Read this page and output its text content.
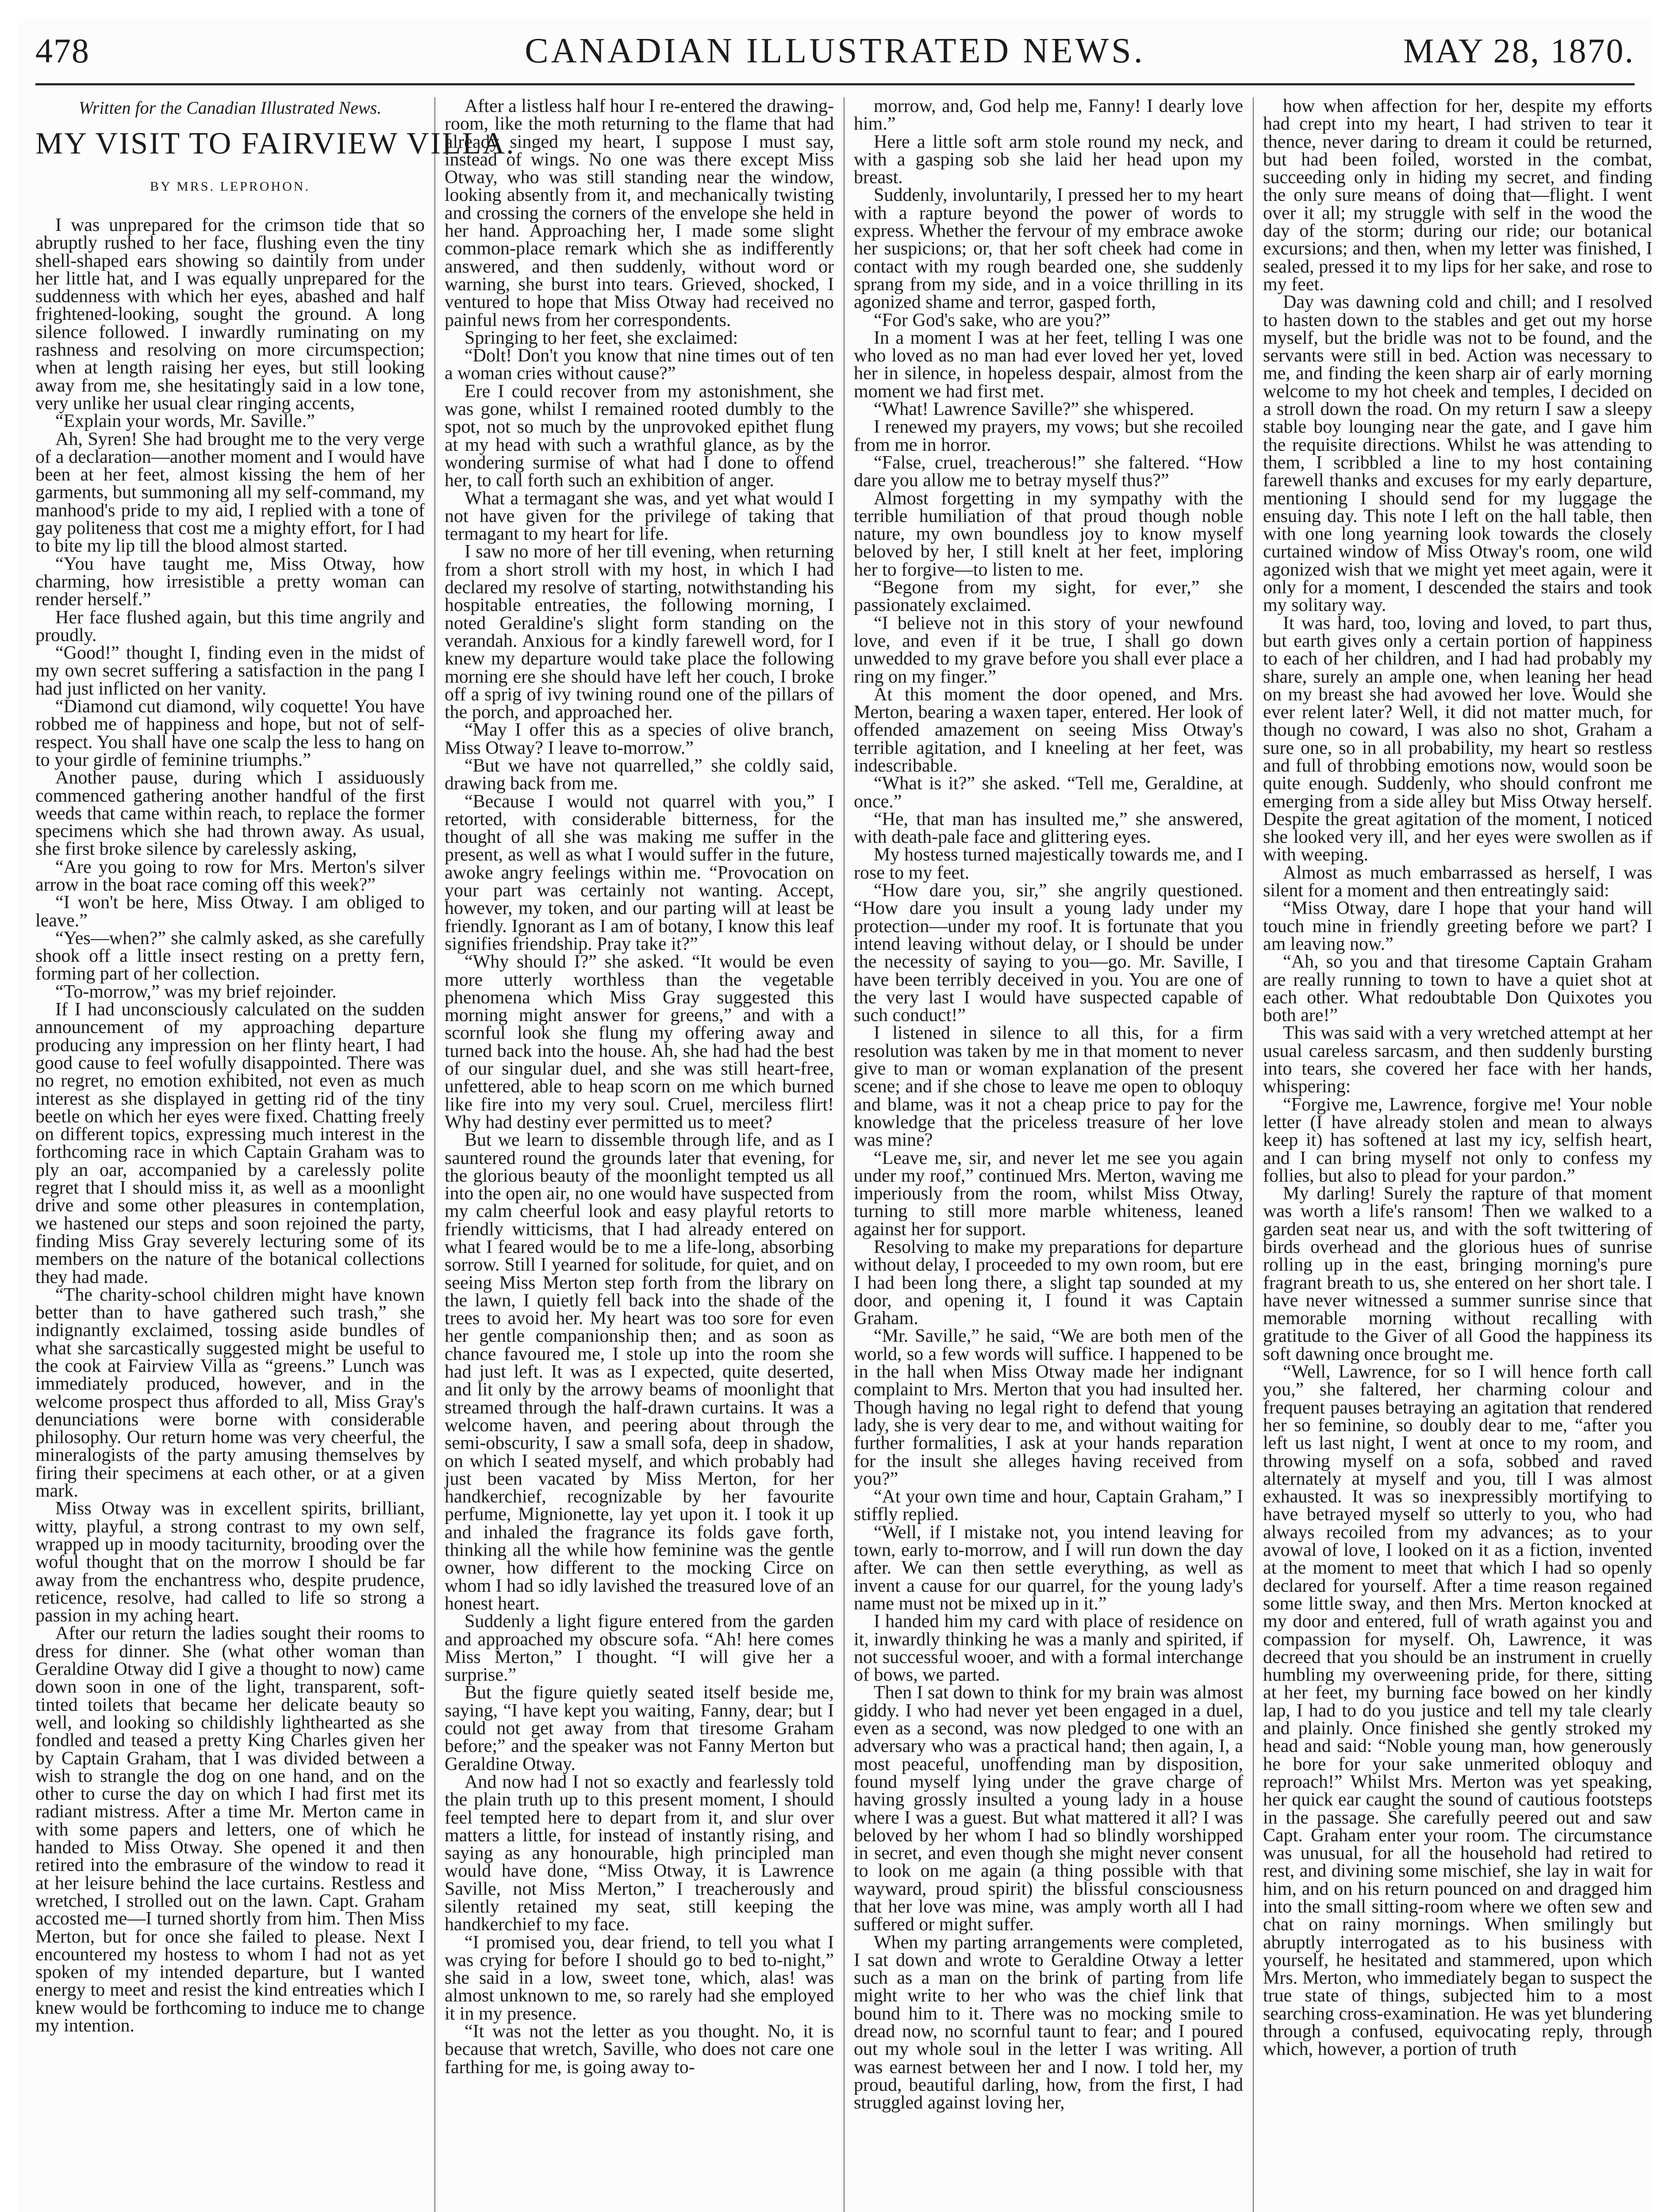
478	CANADIAN ILLUSTRATED NEWS.	MAY 28, 1870.
Written for the Canadian Illustrated News.
MY VISIT TO FAIRVIEW VILLA.
BY MRS. LEPROHON.

I was unprepared for the crimson tide that so abruptly rushed to her face, flushing even the tiny shell-shaped ears showing so daintily from under her little hat, and I was equally unprepared for the suddenness with which her eyes, abashed and half frightened-looking, sought the ground. A long silence followed. I inwardly ruminating on my rashness and resolving on more circumspection; when at length raising her eyes, but still looking away from me, she hesitatingly said in a low tone, very unlike her usual clear ringing accents,

“Explain your words, Mr. Saville.”

Ah, Syren! She had brought me to the very verge of a declaration—another moment and I would have been at her feet, almost kissing the hem of her garments, but summoning all my self-command, my manhood's pride to my aid, I replied with a tone of gay politeness that cost me a mighty effort, for I had to bite my lip till the blood almost started.

“You have taught me, Miss Otway, how charming, how irresistible a pretty woman can render herself.”

Her face flushed again, but this time angrily and proudly.

“Good!” thought I, finding even in the midst of my own secret suffering a satisfaction in the pang I had just inflicted on her vanity.

“Diamond cut diamond, wily coquette! You have robbed me of happiness and hope, but not of self-respect. You shall have one scalp the less to hang on to your girdle of feminine triumphs.”

Another pause, during which I assiduously commenced gathering another handful of the first weeds that came within reach, to replace the former specimens which she had thrown away. As usual, she first broke silence by carelessly asking,

“Are you going to row for Mrs. Merton's silver arrow in the boat race coming off this week?”

“I won't be here, Miss Otway. I am obliged to leave.”

“Yes—when?” she calmly asked, as she carefully shook off a little insect resting on a pretty fern, forming part of her collection.

“To-morrow,” was my brief rejoinder.

If I had unconsciously calculated on the sudden announcement of my approaching departure producing any impression on her flinty heart, I had good cause to feel wofully disappointed. There was no regret, no emotion exhibited, not even as much interest as she displayed in getting rid of the tiny beetle on which her eyes were fixed. Chatting freely on different topics, expressing much interest in the forthcoming race in which Captain Graham was to ply an oar, accompanied by a carelessly polite regret that I should miss it, as well as a moonlight drive and some other pleasures in contemplation, we hastened our steps and soon rejoined the party, finding Miss Gray severely lecturing some of its members on the nature of the botanical collections they had made.

“The charity-school children might have known better than to have gathered such trash,” she indignantly exclaimed, tossing aside bundles of what she sarcastically suggested might be useful to the cook at Fairview Villa as “greens.” Lunch was immediately produced, however, and in the welcome prospect thus afforded to all, Miss Gray's denunciations were borne with considerable philosophy. Our return home was very cheerful, the mineralogists of the party amusing themselves by firing their specimens at each other, or at a given mark.

Miss Otway was in excellent spirits, brilliant, witty, playful, a strong contrast to my own self, wrapped up in moody taciturnity, brooding over the woful thought that on the morrow I should be far away from the enchantress who, despite prudence, reticence, resolve, had called to life so strong a passion in my aching heart.

After our return the ladies sought their rooms to dress for dinner. She (what other woman than Geraldine Otway did I give a thought to now) came down soon in one of the light, transparent, soft-tinted toilets that became her delicate beauty so well, and looking so childishly lighthearted as she fondled and teased a pretty King Charles given her by Captain Graham, that I was divided between a wish to strangle the dog on one hand, and on the other to curse the day on which I had first met its radiant mistress. After a time Mr. Merton came in with some papers and letters, one of which he handed to Miss Otway. She opened it and then retired into the embrasure of the window to read it at her leisure behind the lace curtains. Restless and wretched, I strolled out on the lawn. Capt. Graham accosted me—I turned shortly from him. Then Miss Merton, but for once she failed to please. Next I encountered my hostess to whom I had not as yet spoken of my intended departure, but I wanted energy to meet and resist the kind entreaties which I knew would be forthcoming to induce me to change my intention.

After a listless half hour I re-entered the drawing-room, like the moth returning to the flame that had already singed my heart, I suppose I must say, instead of wings. No one was there except Miss Otway, who was still standing near the window, looking absently from it, and mechanically twisting and crossing the corners of the envelope she held in her hand. Approaching her, I made some slight common-place remark which she as indifferently answered, and then suddenly, without word or warning, she burst into tears. Grieved, shocked, I ventured to hope that Miss Otway had received no painful news from her correspondents.

Springing to her feet, she exclaimed:

“Dolt! Don't you know that nine times out of ten a woman cries without cause?”

Ere I could recover from my astonishment, she was gone, whilst I remained rooted dumbly to the spot, not so much by the unprovoked epithet flung at my head with such a wrathful glance, as by the wondering surmise of what had I done to offend her, to call forth such an exhibition of anger.

What a termagant she was, and yet what would I not have given for the privilege of taking that termagant to my heart for life.

I saw no more of her till evening, when returning from a short stroll with my host, in which I had declared my resolve of starting, notwithstanding his hospitable entreaties, the following morning, I noted Geraldine's slight form standing on the verandah. Anxious for a kindly farewell word, for I knew my departure would take place the following morning ere she should have left her couch, I broke off a sprig of ivy twining round one of the pillars of the porch, and approached her.

“May I offer this as a species of olive branch, Miss Otway? I leave to-morrow.”

“But we have not quarrelled,” she coldly said, drawing back from me.

“Because I would not quarrel with you,” I retorted, with considerable bitterness, for the thought of all she was making me suffer in the present, as well as what I would suffer in the future, awoke angry feelings within me. “Provocation on your part was certainly not wanting. Accept, however, my token, and our parting will at least be friendly. Ignorant as I am of botany, I know this leaf signifies friendship. Pray take it?”

“Why should I?” she asked. “It would be even more utterly worthless than the vegetable phenomena which Miss Gray suggested this morning might answer for greens,” and with a scornful look she flung my offering away and turned back into the house. Ah, she had had the best of our singular duel, and she was still heart-free, unfettered, able to heap scorn on me which burned like fire into my very soul. Cruel, merciless flirt! Why had destiny ever permitted us to meet?

But we learn to dissemble through life, and as I sauntered round the grounds later that evening, for the glorious beauty of the moonlight tempted us all into the open air, no one would have suspected from my calm cheerful look and easy playful retorts to friendly witticisms, that I had already entered on what I feared would be to me a life-long, absorbing sorrow. Still I yearned for solitude, for quiet, and on seeing Miss Merton step forth from the library on the lawn, I quietly fell back into the shade of the trees to avoid her. My heart was too sore for even her gentle companionship then; and as soon as chance favoured me, I stole up into the room she had just left. It was as I expected, quite deserted, and lit only by the arrowy beams of moonlight that streamed through the half-drawn curtains. It was a welcome haven, and peering about through the semi-obscurity, I saw a small sofa, deep in shadow, on which I seated myself, and which probably had just been vacated by Miss Merton, for her handkerchief, recognizable by her favourite perfume, Mignionette, lay yet upon it. I took it up and inhaled the fragrance its folds gave forth, thinking all the while how feminine was the gentle owner, how different to the mocking Circe on whom I had so idly lavished the treasured love of an honest heart.

Suddenly a light figure entered from the garden and approached my obscure sofa. “Ah! here comes Miss Merton,” I thought. “I will give her a surprise.”

But the figure quietly seated itself beside me, saying, “I have kept you waiting, Fanny, dear; but I could not get away from that tiresome Graham before;” and the speaker was not Fanny Merton but Geraldine Otway.

And now had I not so exactly and fearlessly told the plain truth up to this present moment, I should feel tempted here to depart from it, and slur over matters a little, for instead of instantly rising, and saying as any honourable, high principled man would have done, “Miss Otway, it is Lawrence Saville, not Miss Merton,” I treacherously and silently retained my seat, still keeping the handkerchief to my face.

“I promised you, dear friend, to tell you what I was crying for before I should go to bed to-night,” she said in a low, sweet tone, which, alas! was almost unknown to me, so rarely had she employed it in my presence.

“It was not the letter as you thought. No, it is because that wretch, Saville, who does not care one farthing for me, is going away to-

morrow, and, God help me, Fanny! I dearly love him.”

Here a little soft arm stole round my neck, and with a gasping sob she laid her head upon my breast.

Suddenly, involuntarily, I pressed her to my heart with a rapture beyond the power of words to express. Whether the fervour of my embrace awoke her suspicions; or, that her soft cheek had come in contact with my rough bearded one, she suddenly sprang from my side, and in a voice thrilling in its agonized shame and terror, gasped forth,

“For God's sake, who are you?”

In a moment I was at her feet, telling I was one who loved as no man had ever loved her yet, loved her in silence, in hopeless despair, almost from the moment we had first met.

“What! Lawrence Saville?” she whispered.

I renewed my prayers, my vows; but she recoiled from me in horror.

“False, cruel, treacherous!” she faltered. “How dare you allow me to betray myself thus?”

Almost forgetting in my sympathy with the terrible humiliation of that proud though noble nature, my own boundless joy to know myself beloved by her, I still knelt at her feet, imploring her to forgive—to listen to me.

“Begone from my sight, for ever,” she passionately exclaimed.

“I believe not in this story of your newfound love, and even if it be true, I shall go down unwedded to my grave before you shall ever place a ring on my finger.”

At this moment the door opened, and Mrs. Merton, bearing a waxen taper, entered. Her look of offended amazement on seeing Miss Otway's terrible agitation, and I kneeling at her feet, was indescribable.

“What is it?” she asked. “Tell me, Geraldine, at once.”

“He, that man has insulted me,” she answered, with death-pale face and glittering eyes.

My hostess turned majestically towards me, and I rose to my feet.

“How dare you, sir,” she angrily questioned. “How dare you insult a young lady under my protection—under my roof. It is fortunate that you intend leaving without delay, or I should be under the necessity of saying to you—go. Mr. Saville, I have been terribly deceived in you. You are one of the very last I would have suspected capable of such conduct!”

I listened in silence to all this, for a firm resolution was taken by me in that moment to never give to man or woman explanation of the present scene; and if she chose to leave me open to obloquy and blame, was it not a cheap price to pay for the knowledge that the priceless treasure of her love was mine?

“Leave me, sir, and never let me see you again under my roof,” continued Mrs. Merton, waving me imperiously from the room, whilst Miss Otway, turning to still more marble whiteness, leaned against her for support.

Resolving to make my preparations for departure without delay, I proceeded to my own room, but ere I had been long there, a slight tap sounded at my door, and opening it, I found it was Captain Graham.

“Mr. Saville,” he said, “We are both men of the world, so a few words will suffice. I happened to be in the hall when Miss Otway made her indignant complaint to Mrs. Merton that you had insulted her. Though having no legal right to defend that young lady, she is very dear to me, and without waiting for further formalities, I ask at your hands reparation for the insult she alleges having received from you?”

“At your own time and hour, Captain Graham,” I stiffly replied.

“Well, if I mistake not, you intend leaving for town, early to-morrow, and I will run down the day after. We can then settle everything, as well as invent a cause for our quarrel, for the young lady's name must not be mixed up in it.”

I handed him my card with place of residence on it, inwardly thinking he was a manly and spirited, if not successful wooer, and with a formal interchange of bows, we parted.

Then I sat down to think for my brain was almost giddy. I who had never yet been engaged in a duel, even as a second, was now pledged to one with an adversary who was a practical hand; then again, I, a most peaceful, unoffending man by disposition, found myself lying under the grave charge of having grossly insulted a young lady in a house where I was a guest. But what mattered it all? I was beloved by her whom I had so blindly worshipped in secret, and even though she might never consent to look on me again (a thing possible with that wayward, proud spirit) the blissful consciousness that her love was mine, was amply worth all I had suffered or might suffer.

When my parting arrangements were completed, I sat down and wrote to Geraldine Otway a letter such as a man on the brink of parting from life might write to her who was the chief link that bound him to it. There was no mocking smile to dread now, no scornful taunt to fear; and I poured out my whole soul in the letter I was writing. All was earnest between her and I now. I told her, my proud, beautiful darling, how, from the first, I had struggled against loving her,

how when affection for her, despite my efforts had crept into my heart, I had striven to tear it thence, never daring to dream it could be returned, but had been foiled, worsted in the combat, succeeding only in hiding my secret, and finding the only sure means of doing that—flight. I went over it all; my struggle with self in the wood the day of the storm; during our ride; our botanical excursions; and then, when my letter was finished, I sealed, pressed it to my lips for her sake, and rose to my feet.

Day was dawning cold and chill; and I resolved to hasten down to the stables and get out my horse myself, but the bridle was not to be found, and the servants were still in bed. Action was necessary to me, and finding the keen sharp air of early morning welcome to my hot cheek and temples, I decided on a stroll down the road. On my return I saw a sleepy stable boy lounging near the gate, and I gave him the requisite directions. Whilst he was attending to them, I scribbled a line to my host containing farewell thanks and excuses for my early departure, mentioning I should send for my luggage the ensuing day. This note I left on the hall table, then with one long yearning look towards the closely curtained window of Miss Otway's room, one wild agonized wish that we might yet meet again, were it only for a moment, I descended the stairs and took my solitary way.

It was hard, too, loving and loved, to part thus, but earth gives only a certain portion of happiness to each of her children, and I had had probably my share, surely an ample one, when leaning her head on my breast she had avowed her love. Would she ever relent later? Well, it did not matter much, for though no coward, I was also no shot, Graham a sure one, so in all probability, my heart so restless and full of throbbing emotions now, would soon be quite enough. Suddenly, who should confront me emerging from a side alley but Miss Otway herself. Despite the great agitation of the moment, I noticed she looked very ill, and her eyes were swollen as if with weeping.

Almost as much embarrassed as herself, I was silent for a moment and then entreatingly said:

“Miss Otway, dare I hope that your hand will touch mine in friendly greeting before we part? I am leaving now.”

“Ah, so you and that tiresome Captain Graham are really running to town to have a quiet shot at each other. What redoubtable Don Quixotes you both are!”

This was said with a very wretched attempt at her usual careless sarcasm, and then suddenly bursting into tears, she covered her face with her hands, whispering:

“Forgive me, Lawrence, forgive me! Your noble letter (I have already stolen and mean to always keep it) has softened at last my icy, selfish heart, and I can bring myself not only to confess my follies, but also to plead for your pardon.”

My darling! Surely the rapture of that moment was worth a life's ransom! Then we walked to a garden seat near us, and with the soft twittering of birds overhead and the glorious hues of sunrise rolling up in the east, bringing morning's pure fragrant breath to us, she entered on her short tale. I have never witnessed a summer sunrise since that memorable morning without recalling with gratitude to the Giver of all Good the happiness its soft dawning once brought me.

“Well, Lawrence, for so I will hence forth call you,” she faltered, her charming colour and frequent pauses betraying an agitation that rendered her so feminine, so doubly dear to me, “after you left us last night, I went at once to my room, and throwing myself on a sofa, sobbed and raved alternately at myself and you, till I was almost exhausted. It was so inexpressibly mortifying to have betrayed myself so utterly to you, who had always recoiled from my advances; as to your avowal of love, I looked on it as a fiction, invented at the moment to meet that which I had so openly declared for yourself. After a time reason regained some little sway, and then Mrs. Merton knocked at my door and entered, full of wrath against you and compassion for myself. Oh, Lawrence, it was decreed that you should be an instrument in cruelly humbling my overweening pride, for there, sitting at her feet, my burning face bowed on her kindly lap, I had to do you justice and tell my tale clearly and plainly. Once finished she gently stroked my head and said: “Noble young man, how generously he bore for your sake unmerited obloquy and reproach!” Whilst Mrs. Merton was yet speaking, her quick ear caught the sound of cautious footsteps in the passage. She carefully peered out and saw Capt. Graham enter your room. The circumstance was unusual, for all the household had retired to rest, and divining some mischief, she lay in wait for him, and on his return pounced on and dragged him into the small sitting-room where we often sew and chat on rainy mornings. When smilingly but abruptly interrogated as to his business with yourself, he hesitated and stammered, upon which Mrs. Merton, who immediately began to suspect the true state of things, subjected him to a most searching cross-examination. He was yet blundering through a confused, equivocating reply, through which, however, a portion of truth
